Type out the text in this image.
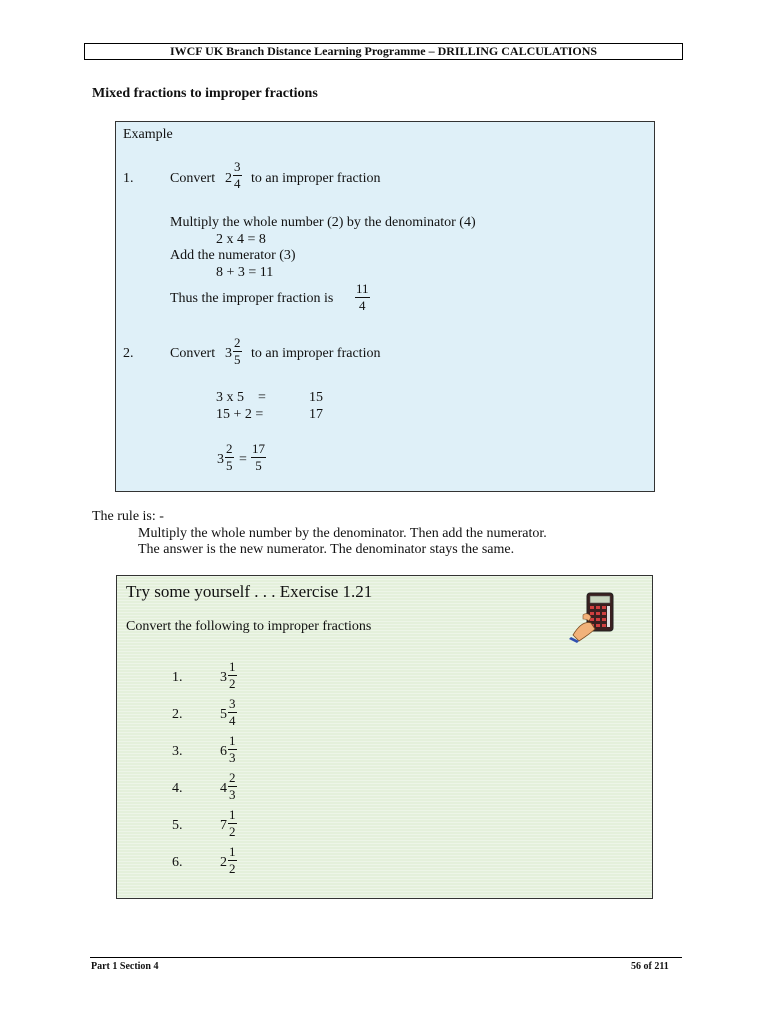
IWCF UK Branch Distance Learning Programme – DRILLING CALCULATIONS
Mixed fractions to improper fractions
Example
1.	Convert 2
3
4 to an improper fraction
Multiply the whole number (2) by the denominator (4)
2 x 4 = 8
Add the numerator (3)
8 + 3 = 11
Thus the improper fraction is
11
4
2.	Convert 3
2
5 to an improper fraction
3 x 5    =	15
15 + 2 =	17
3
2
5 =
17
5
The rule is: -
Multiply the whole number by the denominator. Then add the numerator.
The answer is the new numerator. The denominator stays the same.
Try some yourself . . . Exercise 1.21
Convert the following to improper fractions
1.	3
1
2
2.	5
3
4
3.	6
1
3
4.	4
2
3
5.	7
1
2
6.	2
1
2
Part 1 Section 4	56 of 211
